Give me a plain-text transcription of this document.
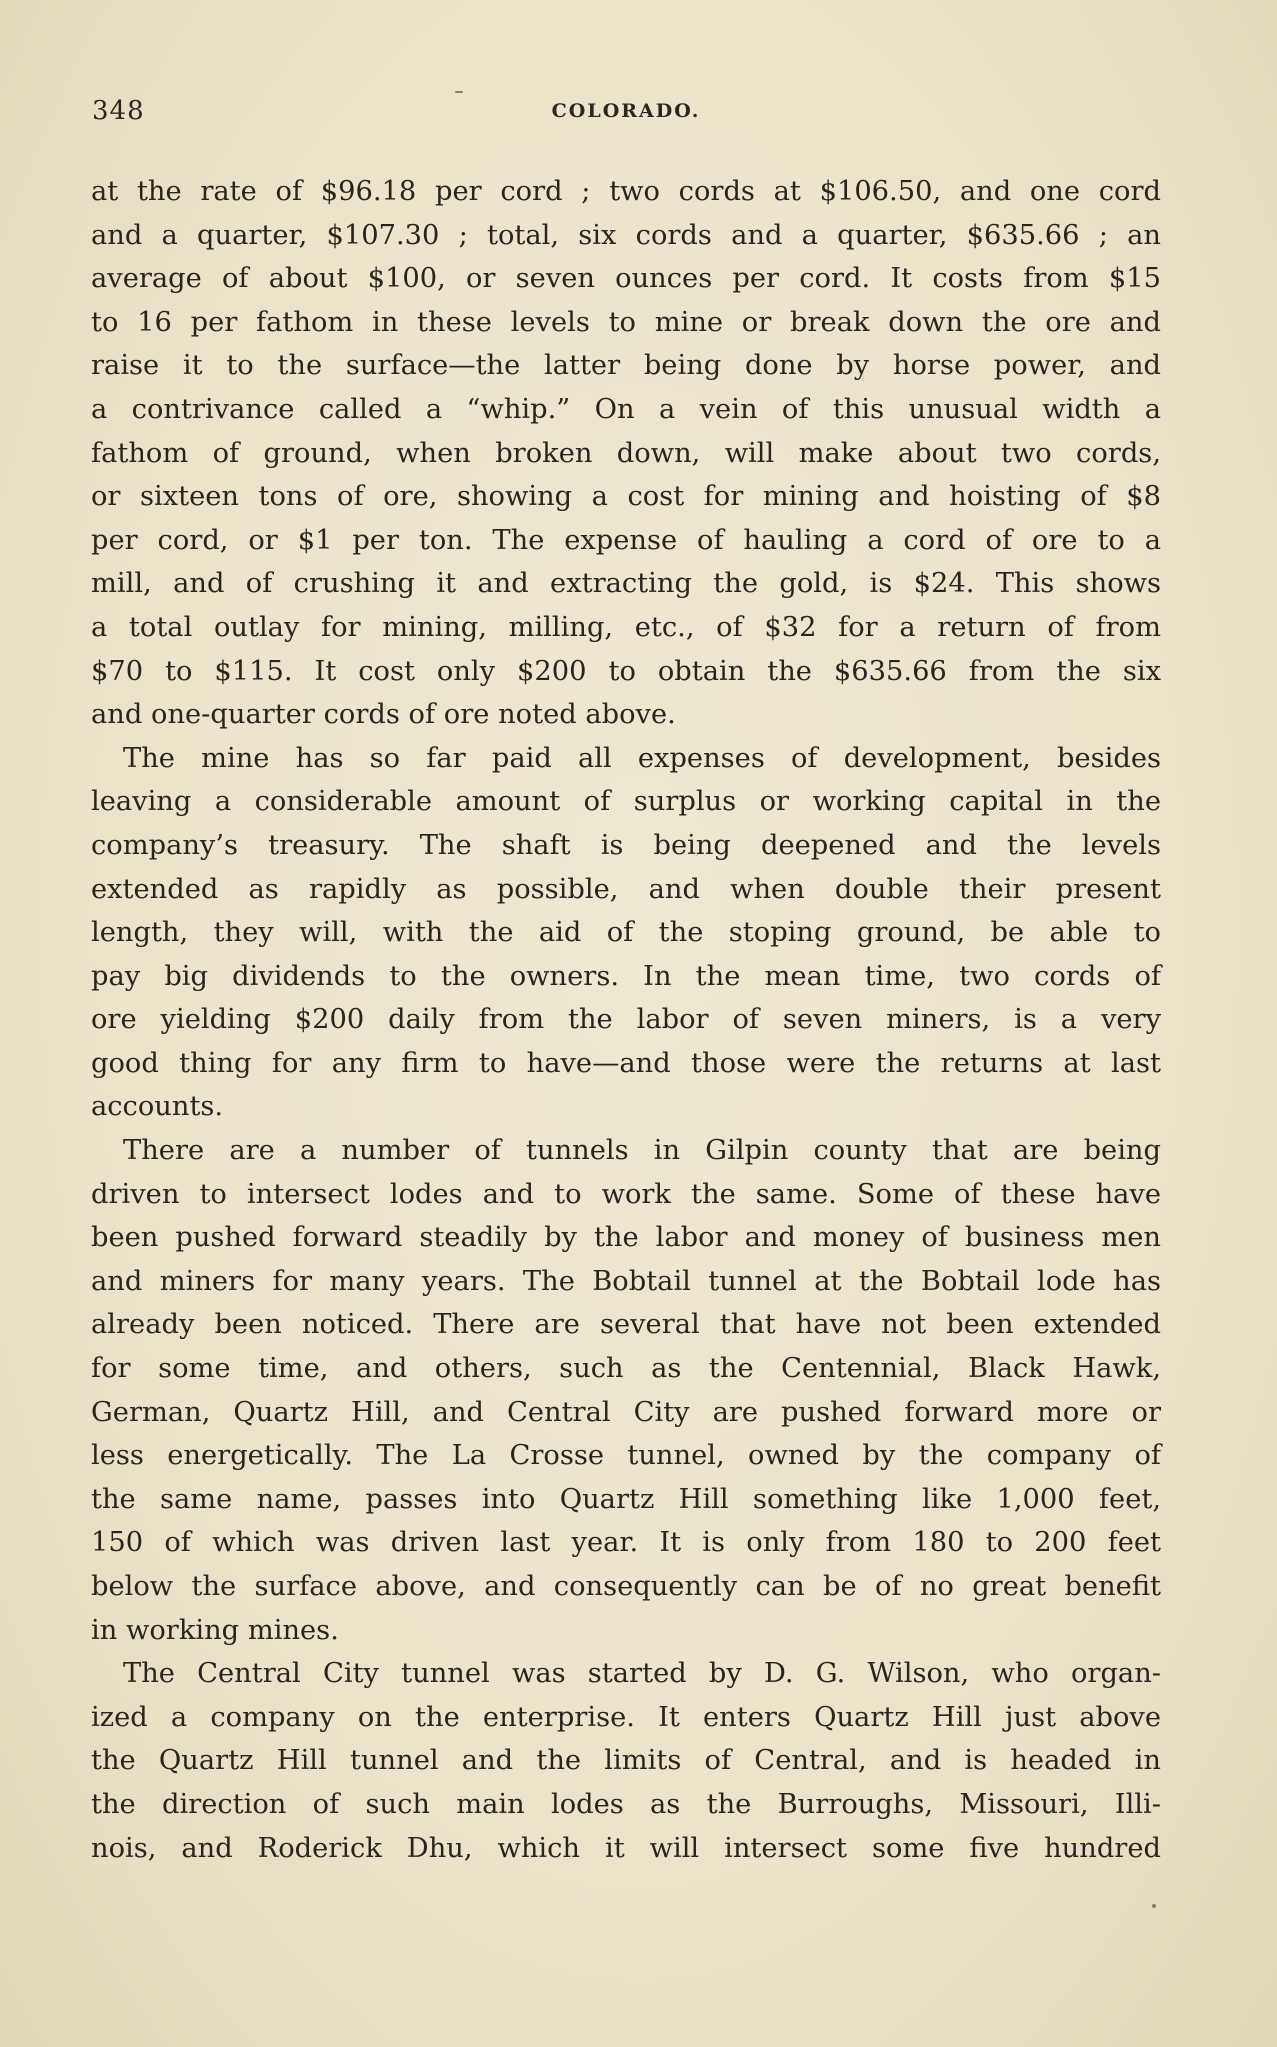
348	COLORADO.
at the rate of $96.18 per cord ; two cords at $106.50, and one cord
and a quarter, $107.30 ; total, six cords and a quarter, $635.66 ; an
average of about $100, or seven ounces per cord. It costs from $15
to 16 per fathom in these levels to mine or break down the ore and
raise it to the surface—the latter being done by horse power, and
a contrivance called a “whip.” On a vein of this unusual width a
fathom of ground, when broken down, will make about two cords,
or sixteen tons of ore, showing a cost for mining and hoisting of $8
per cord, or $1 per ton. The expense of hauling a cord of ore to a
mill, and of crushing it and extracting the gold, is $24. This shows
a total outlay for mining, milling, etc., of $32 for a return of from
$70 to $115. It cost only $200 to obtain the $635.66 from the six
and one-quarter cords of ore noted above.
The mine has so far paid all expenses of development, besides
leaving a considerable amount of surplus or working capital in the
company’s treasury. The shaft is being deepened and the levels
extended as rapidly as possible, and when double their present
length, they will, with the aid of the stoping ground, be able to
pay big dividends to the owners. In the mean time, two cords of
ore yielding $200 daily from the labor of seven miners, is a very
good thing for any firm to have—and those were the returns at last
accounts.
There are a number of tunnels in Gilpin county that are being
driven to intersect lodes and to work the same. Some of these have
been pushed forward steadily by the labor and money of business men
and miners for many years. The Bobtail tunnel at the Bobtail lode has
already been noticed. There are several that have not been extended
for some time, and others, such as the Centennial, Black Hawk,
German, Quartz Hill, and Central City are pushed forward more or
less energetically. The La Crosse tunnel, owned by the company of
the same name, passes into Quartz Hill something like 1,000 feet,
150 of which was driven last year. It is only from 180 to 200 feet
below the surface above, and consequently can be of no great benefit
in working mines.
The Central City tunnel was started by D. G. Wilson, who organ-
ized a company on the enterprise. It enters Quartz Hill just above
the Quartz Hill tunnel and the limits of Central, and is headed in
the direction of such main lodes as the Burroughs, Missouri, Illi-
nois, and Roderick Dhu, which it will intersect some five hundred
